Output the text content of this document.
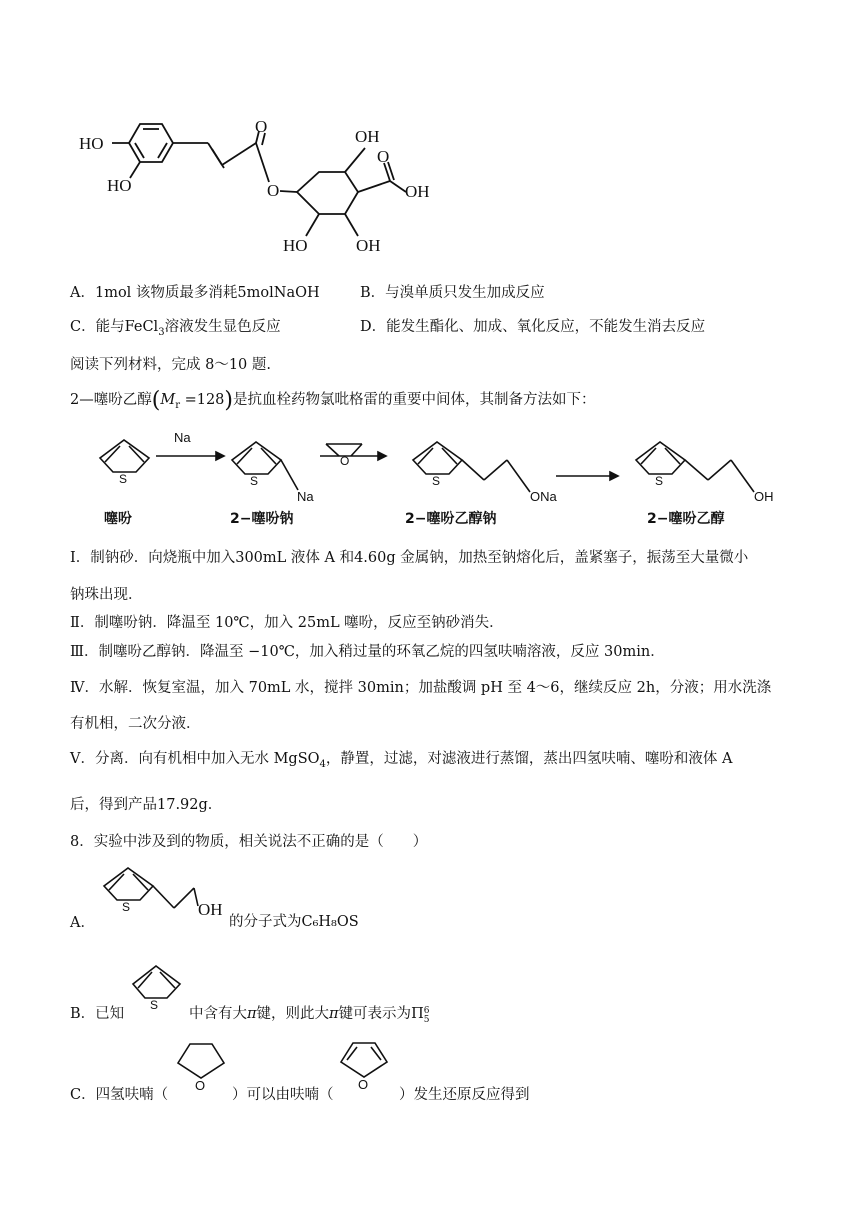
HO
HO
O
O
OH
O
OH
HO	OH
A．1mol 该物质最多消耗5molNaOH	B．与溴单质只发生加成反应
C．能与FeCl$_3$溶液发生显色反应	D．能发生酯化、加成、氧化反应，不能发生消去反应
阅读下列材料，完成 8～10 题.
2—噻吩乙醇$(M_r =128)$是抗血栓药物氯吡格雷的重要中间体，其制备方法如下：
Na
S	S
Na
O
S
ONa
S
OH
噻吩	2−噻吩钠	2−噻吩乙醇钠	2−噻吩乙醇
Ⅰ．制钠砂．向烧瓶中加入300mL 液体 A 和4.60g 金属钠，加热至钠熔化后，盖紧塞子，振荡至大量微小
钠珠出现．
Ⅱ．制噻吩钠．降温至 10℃，加入 25mL 噻吩，反应至钠砂消失．
Ⅲ．制噻吩乙醇钠．降温至 −10℃，加入稍过量的环氧乙烷的四氢呋喃溶液，反应 30min．
Ⅳ．水解．恢复室温，加入 70mL 水，搅拌 30min；加盐酸调 pH 至 4～6，继续反应 2h，分液；用水洗涤
有机相，二次分液．
Ⅴ．分离．向有机相中加入无水 MgSO$_4$，静置，过滤，对滤液进行蒸馏，蒸出四氢呋喃、噻吩和液体 A
后，得到产品17.92g．
8．实验中涉及到的物质，相关说法不正确的是（　　）
A．
S	OH
的分子式为C₆H₈OS
B．已知
S
中含有大π键，则此大π键可表示为Π 6
5
C．四氢呋喃（
O
）可以由呋喃（
O
）发生还原反应得到
